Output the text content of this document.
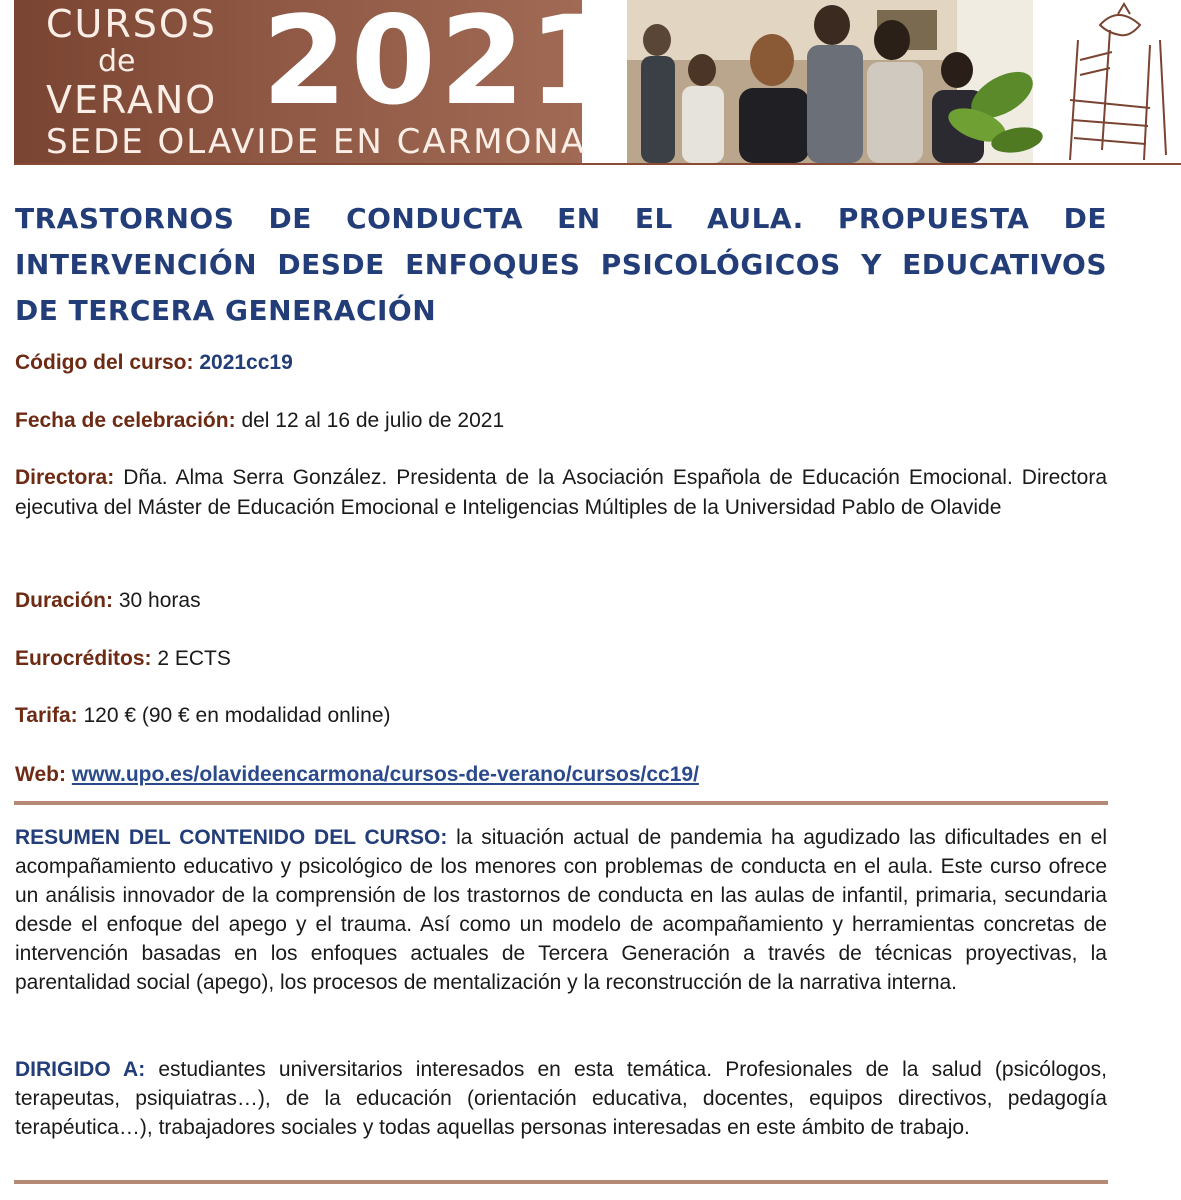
CURSOS
de
VERANO 2021
SEDE OLAVIDE EN CARMONA
TRASTORNOS DE CONDUCTA EN EL AULA. PROPUESTA DE INTERVENCIÓN DESDE ENFOQUES PSICOLÓGICOS Y EDUCATIVOS DE TERCERA GENERACIÓN
Código del curso: 2021cc19
Fecha de celebración: del 12 al 16 de julio de 2021
Directora: Dña. Alma Serra González. Presidenta de la Asociación Española de Educación Emocional. Directora ejecutiva del Máster de Educación Emocional e Inteligencias Múltiples de la Universidad Pablo de Olavide
Duración: 30 horas
Eurocréditos: 2 ECTS
Tarifa: 120 € (90 € en modalidad online)
Web: www.upo.es/olavideencarmona/cursos-de-verano/cursos/cc19/
RESUMEN DEL CONTENIDO DEL CURSO: la situación actual de pandemia ha agudizado las dificultades en el acompañamiento educativo y psicológico de los menores con problemas de conducta en el aula. Este curso ofrece un análisis innovador de la comprensión de los trastornos de conducta en las aulas de infantil, primaria, secundaria desde el enfoque del apego y el trauma. Así como un modelo de acompañamiento y herramientas concretas de intervención basadas en los enfoques actuales de Tercera Generación a través de técnicas proyectivas, la parentalidad social (apego), los procesos de mentalización y la reconstrucción de la narrativa interna.
DIRIGIDO A: estudiantes universitarios interesados en esta temática. Profesionales de la salud (psicólogos, terapeutas, psiquiatras…), de la educación (orientación educativa, docentes, equipos directivos, pedagogía terapéutica…), trabajadores sociales y todas aquellas personas interesadas en este ámbito de trabajo.
